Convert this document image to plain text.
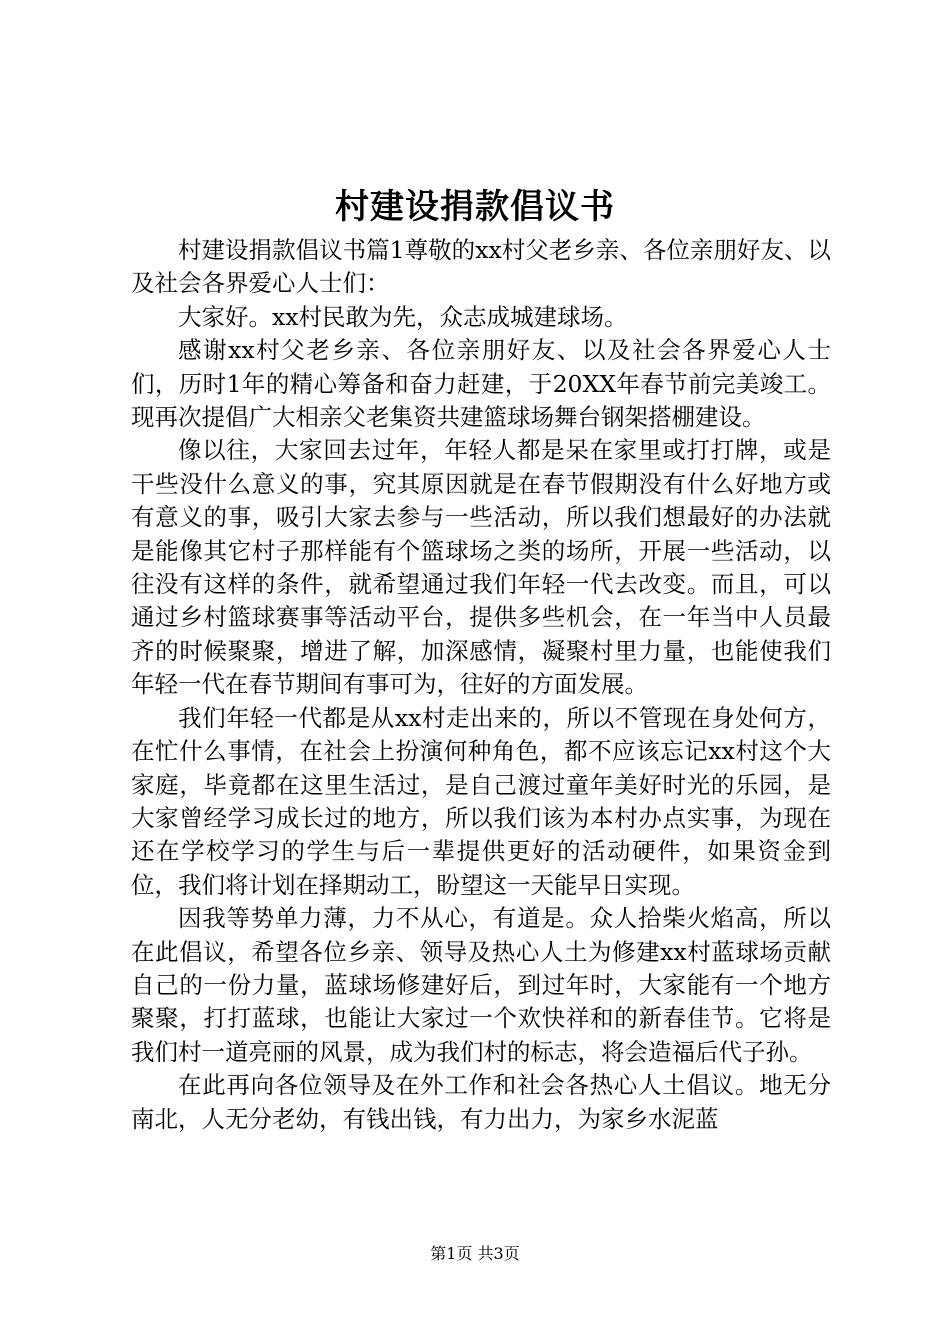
村建设捐款倡议书

村建设捐款倡议书篇1尊敬的xx村父老乡亲、各位亲朋好友、以及社会各界爱心人士们：

大家好。xx村民敢为先，众志成城建球场。

感谢xx村父老乡亲、各位亲朋好友、以及社会各界爱心人士们，历时1年的精心筹备和奋力赶建，于20XX年春节前完美竣工。现再次提倡广大相亲父老集资共建篮球场舞台钢架搭棚建设。

像以往，大家回去过年，年轻人都是呆在家里或打打牌，或是干些没什么意义的事，究其原因就是在春节假期没有什么好地方或有意义的事，吸引大家去参与一些活动，所以我们想最好的办法就是能像其它村子那样能有个篮球场之类的场所，开展一些活动，以往没有这样的条件，就希望通过我们年轻一代去改变。而且，可以通过乡村篮球赛事等活动平台，提供多些机会，在一年当中人员最齐的时候聚聚，增进了解，加深感情，凝聚村里力量，也能使我们年轻一代在春节期间有事可为，往好的方面发展。

我们年轻一代都是从xx村走出来的，所以不管现在身处何方，在忙什么事情，在社会上扮演何种角色，都不应该忘记xx村这个大家庭，毕竟都在这里生活过，是自己渡过童年美好时光的乐园，是大家曾经学习成长过的地方，所以我们该为本村办点实事，为现在还在学校学习的学生与后一辈提供更好的活动硬件，如果资金到位，我们将计划在择期动工，盼望这一天能早日实现。

因我等势单力薄，力不从心，有道是。众人拾柴火焰高，所以在此倡议，希望各位乡亲、领导及热心人土为修建xx村蓝球场贡献自己的一份力量，蓝球场修建好后，到过年时，大家能有一个地方聚聚，打打蓝球，也能让大家过一个欢快祥和的新春佳节。它将是我们村一道亮丽的风景，成为我们村的标志，将会造福后代子孙。

在此再向各位领导及在外工作和社会各热心人土倡议。地无分南北，人无分老幼，有钱出钱，有力出力，为家乡水泥蓝

第1页 共3页
